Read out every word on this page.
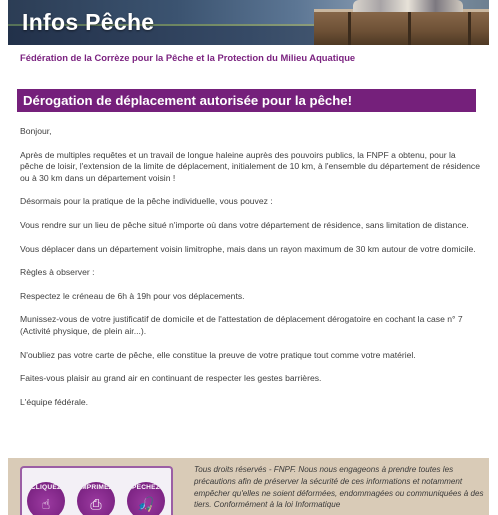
Infos Pêche

Fédération de la Corrèze pour la Pêche et la Protection du Milieu Aquatique

Dérogation de déplacement autorisée pour la pêche!

Bonjour,

Après de multiples requêtes et un travail de longue haleine auprès des pouvoirs publics, la FNPF a obtenu, pour la pêche de loisir, l'extension de la limite de déplacement, initialement de 10 km, à l'ensemble du département de résidence ou à 30 km dans un département voisin !

Désormais pour la pratique de la pêche individuelle, vous pouvez :

Vous rendre sur un lieu de pêche situé n'importe où dans votre département de résidence, sans limitation de distance.

Vous déplacer dans un département voisin limitrophe, mais dans un rayon maximum de 30 km autour de votre domicile.

Règles à observer :

Respectez le créneau de 6h à 19h pour vos déplacements.

Munissez-vous de votre justificatif de domicile et de l'attestation de déplacement dérogatoire en cochant la case n° 7 (Activité physique, de plein air...).

N'oubliez pas votre carte de pêche, elle constitue la preuve de votre pratique tout comme votre matériel.

Faites-vous plaisir au grand air en continuant de respecter les gestes barrières.

L'équipe fédérale.

CLIQUEZ
☝
IMPRIMEZ
⎙
PECHEZ
🎣

Tous droits réservés - FNPF. Nous nous engageons à prendre toutes les précautions afin de préserver la sécurité de ces informations et notamment empêcher qu'elles ne soient déformées, endommagées ou communiquées à des tiers. Conformément à la loi Informatique
